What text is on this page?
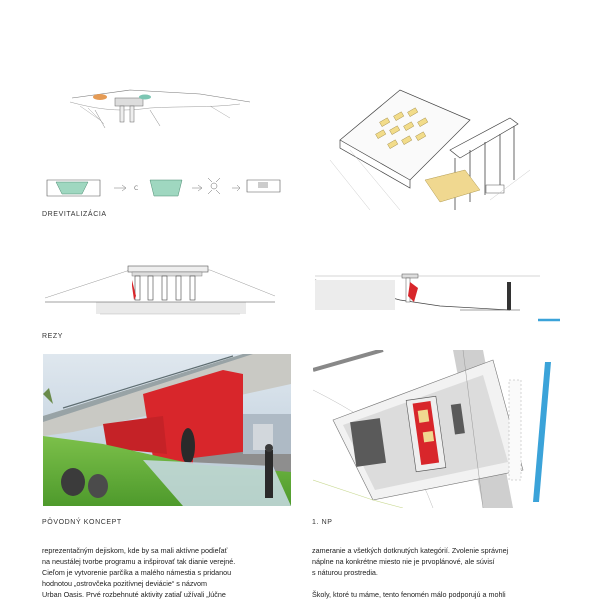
C
DREVITALIZÁCIA
REZY
PÔVODNÝ KONCEPT	1. NP

reprezentačným dejiskom, kde by sa mali aktívne podieľať

na neustálej tvorbe programu a inšpirovať tak dianie verejné.

Cieľom je vytvorenie parčíka a malého námestia s pridanou

hodnotou „ostrovčeka pozitívnej deviácie“ s názvom

Urban Oasis. Prvé rozbehnuté aktivity zatiaľ užívali „lúčne

zameranie a všetkých dotknutých kategórií. Zvolenie správnej

náplne na konkrétne miesto nie je prvoplánové, ale súvisí

s náturou prostredia.

Školy, ktoré tu máme, tento fenomén málo podporujú a mohli
